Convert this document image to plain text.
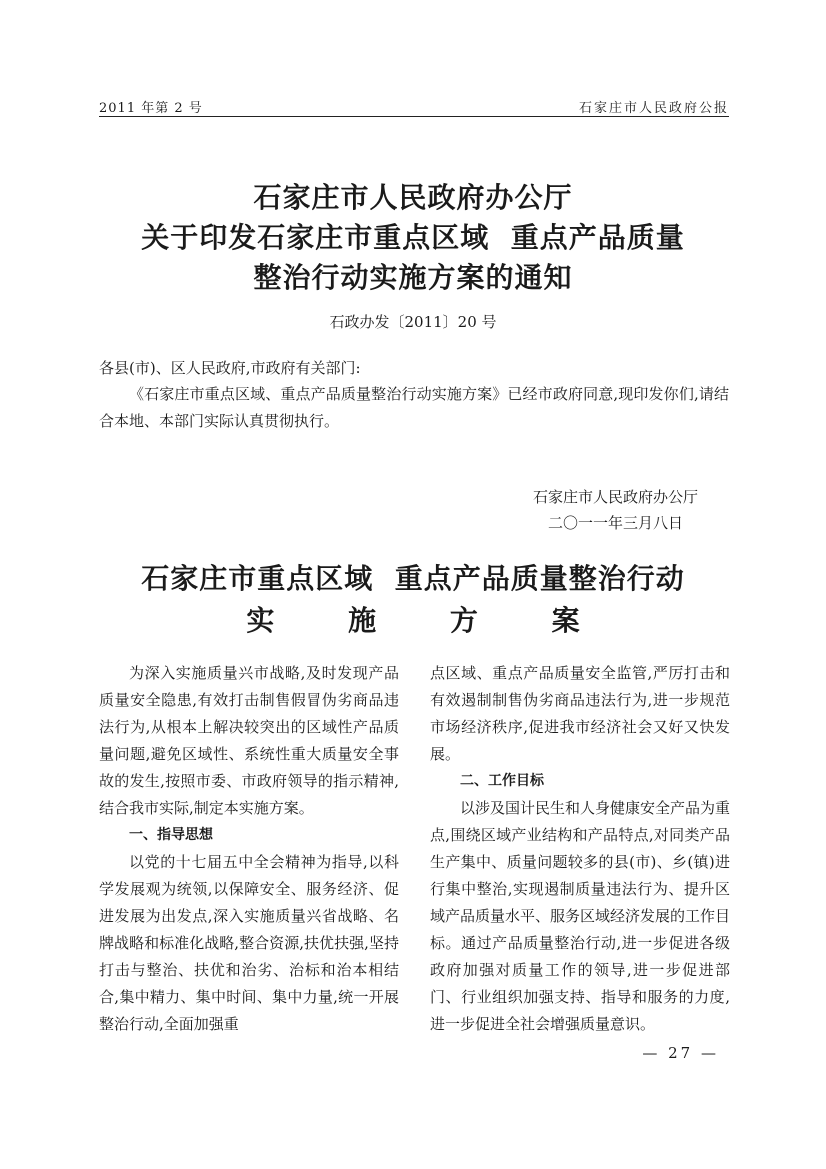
2011 年第 2 号	石家庄市人民政府公报
石家庄市人民政府办公厅
关于印发石家庄市重点区域  重点产品质量
整治行动实施方案的通知
石政办发〔2011〕20 号
各县(市)、区人民政府,市政府有关部门:
《石家庄市重点区域、重点产品质量整治行动实施方案》已经市政府同意,现印发你们,请结合本地、本部门实际认真贯彻执行。
石家庄市人民政府办公厅
二〇一一年三月八日
石家庄市重点区域  重点产品质量整治行动
实 施 方 案

为深入实施质量兴市战略,及时发现产品质量安全隐患,有效打击制售假冒伪劣商品违法行为,从根本上解决较突出的区域性产品质量问题,避免区域性、系统性重大质量安全事故的发生,按照市委、市政府领导的指示精神,结合我市实际,制定本实施方案。

一、指导思想

以党的十七届五中全会精神为指导,以科学发展观为统领,以保障安全、服务经济、促进发展为出发点,深入实施质量兴省战略、名牌战略和标准化战略,整合资源,扶优扶强,坚持打击与整治、扶优和治劣、治标和治本相结合,集中精力、集中时间、集中力量,统一开展整治行动,全面加强重

点区域、重点产品质量安全监管,严厉打击和有效遏制制售伪劣商品违法行为,进一步规范市场经济秩序,促进我市经济社会又好又快发展。

二、工作目标

以涉及国计民生和人身健康安全产品为重点,围绕区域产业结构和产品特点,对同类产品生产集中、质量问题较多的县(市)、乡(镇)进行集中整治,实现遏制质量违法行为、提升区域产品质量水平、服务区域经济发展的工作目标。通过产品质量整治行动,进一步促进各级政府加强对质量工作的领导,进一步促进部门、行业组织加强支持、指导和服务的力度,进一步促进全社会增强质量意识。

— 27 —
